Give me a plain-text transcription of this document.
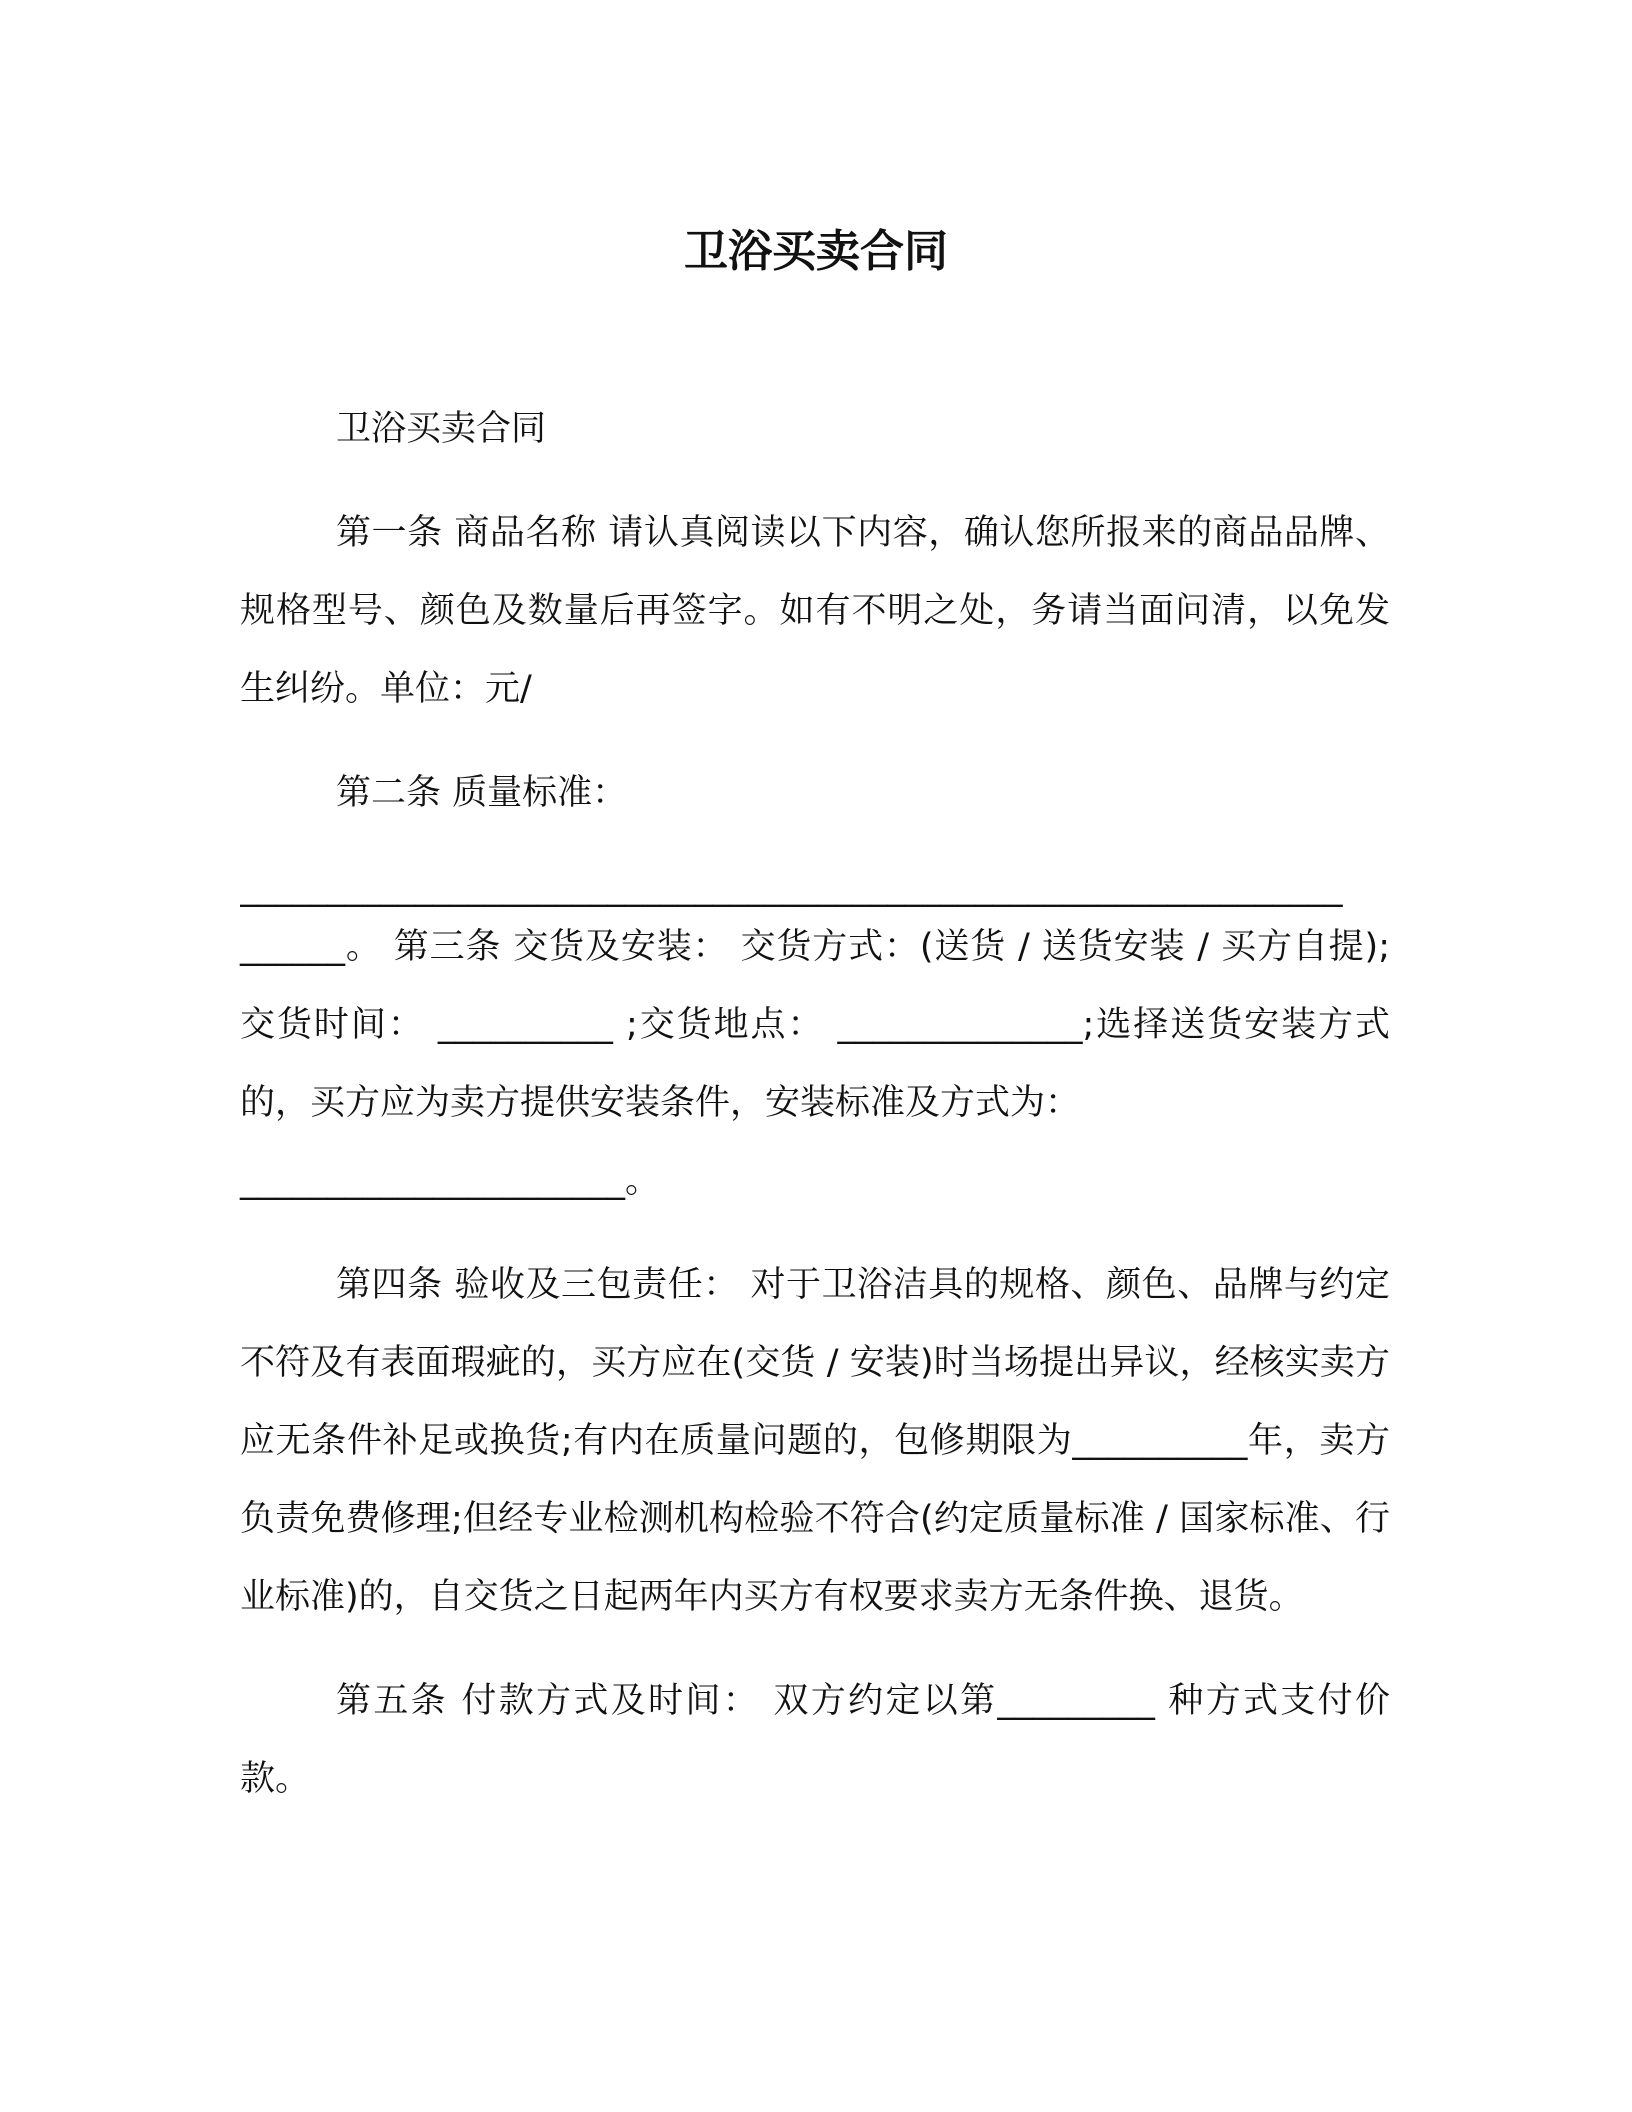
卫浴买卖合同

卫浴买卖合同

第一条 商品名称 请认真阅读以下内容，确认您所报来的商品品牌、规格型号、颜色及数量后再签字。如有不明之处，务请当面问清，以免发生纠纷。单位：元/

第二条 质量标准：

_______________________________________________________________

______。 第三条 交货及安装： 交货方式：(送货 / 送货安装 / 买方自提);交货时间： __________ ;交货地点： ______________;选择送货安装方式的，买方应为卖方提供安装条件，安装标准及方式为：

______________________。

第四条 验收及三包责任： 对于卫浴洁具的规格、颜色、品牌与约定不符及有表面瑕疵的，买方应在(交货 / 安装)时当场提出异议，经核实卖方应无条件补足或换货;有内在质量问题的，包修期限为__________年，卖方负责免费修理;但经专业检测机构检验不符合(约定质量标准 / 国家标准、行业标准)的，自交货之日起两年内买方有权要求卖方无条件换、退货。

第五条 付款方式及时间： 双方约定以第_________ 种方式支付价款。
